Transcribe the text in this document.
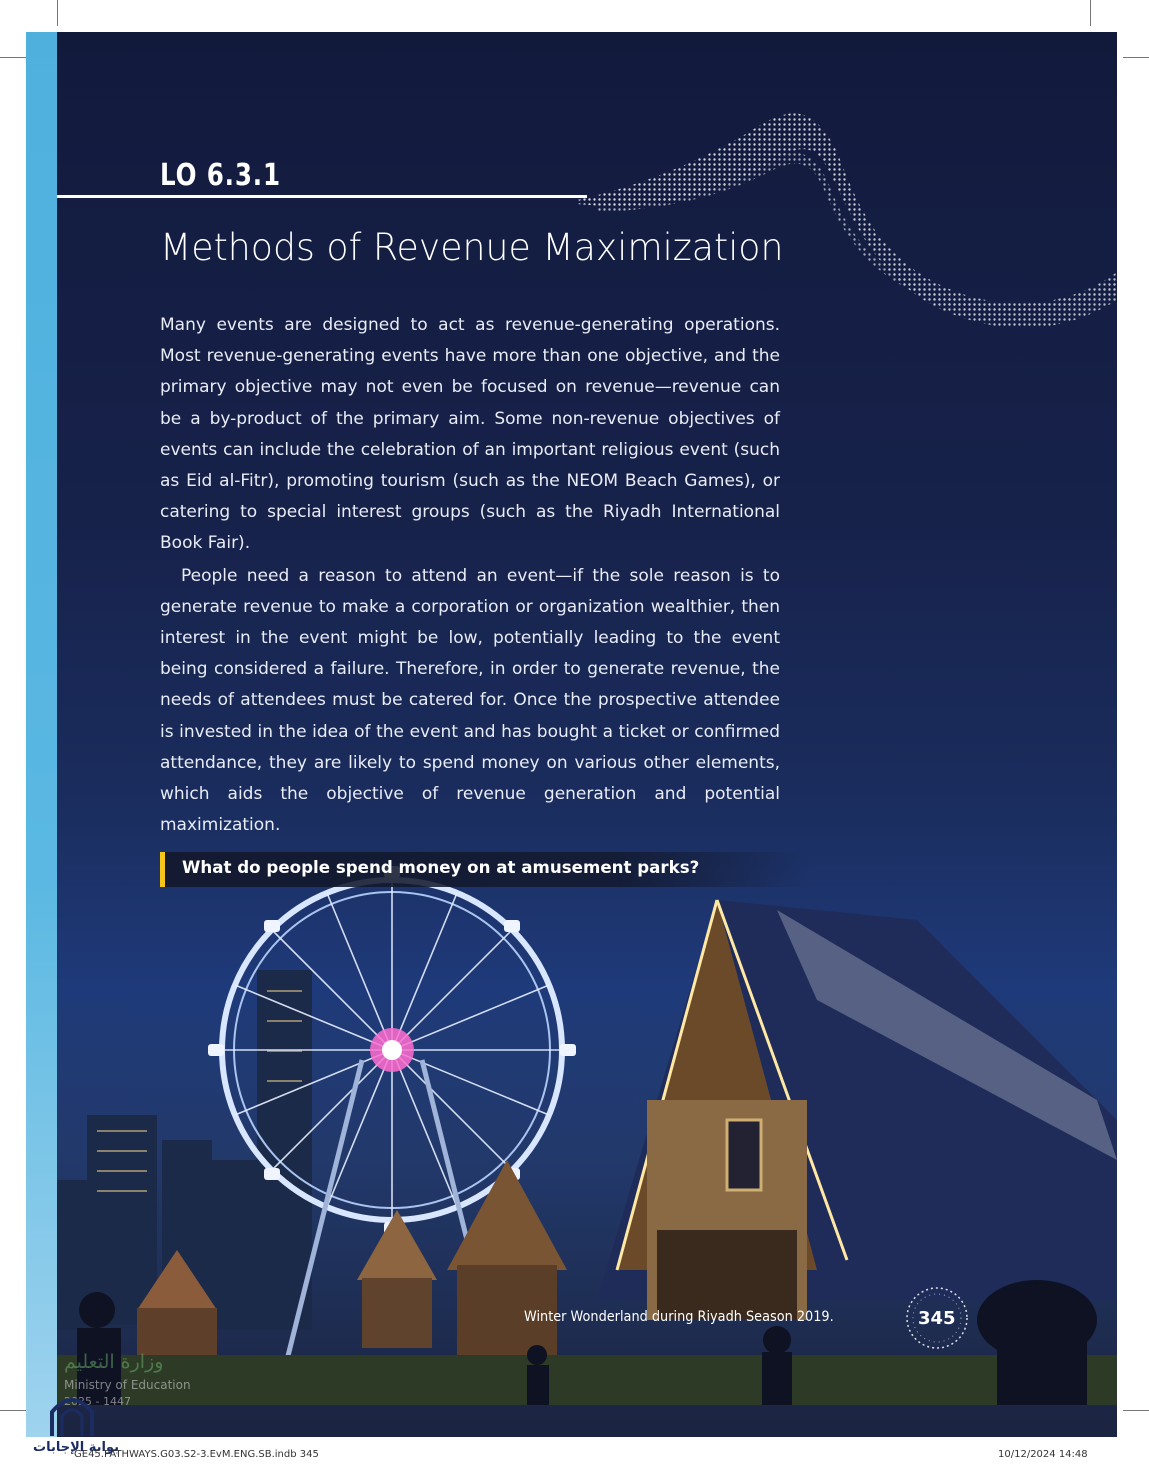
LO 6.3.1
Methods of Revenue Maximization

Many events are designed to act as revenue-generating operations. Most revenue-generating events have more than one objective, and the primary objective may not even be focused on revenue—revenue can be a by-product of the primary aim. Some non-revenue objectives of events can include the celebration of an important religious event (such as Eid al-Fitr), promoting tourism (such as the NEOM Beach Games), or catering to special interest groups (such as the Riyadh International Book Fair).

People need a reason to attend an event—if the sole reason is to generate revenue to make a corporation or organization wealthier, then interest in the event might be low, potentially leading to the event being considered a failure. Therefore, in order to generate revenue, the needs of attendees must be catered for. Once the prospective attendee is invested in the idea of the event and has bought a ticket or confirmed attendance, they are likely to spend money on various other elements, which aids the objective of revenue generation and potential maximization.

What do people spend money on at amusement parks?
Winter Wonderland during Riyadh Season 2019.	345
وزارة التعليم
Ministry of Education
2025 - 1447
بوابة الإجابات
GE45.PATHWAYS.G03.S2-3.EvM.ENG.SB.indb 345	10/12/2024 14:48
